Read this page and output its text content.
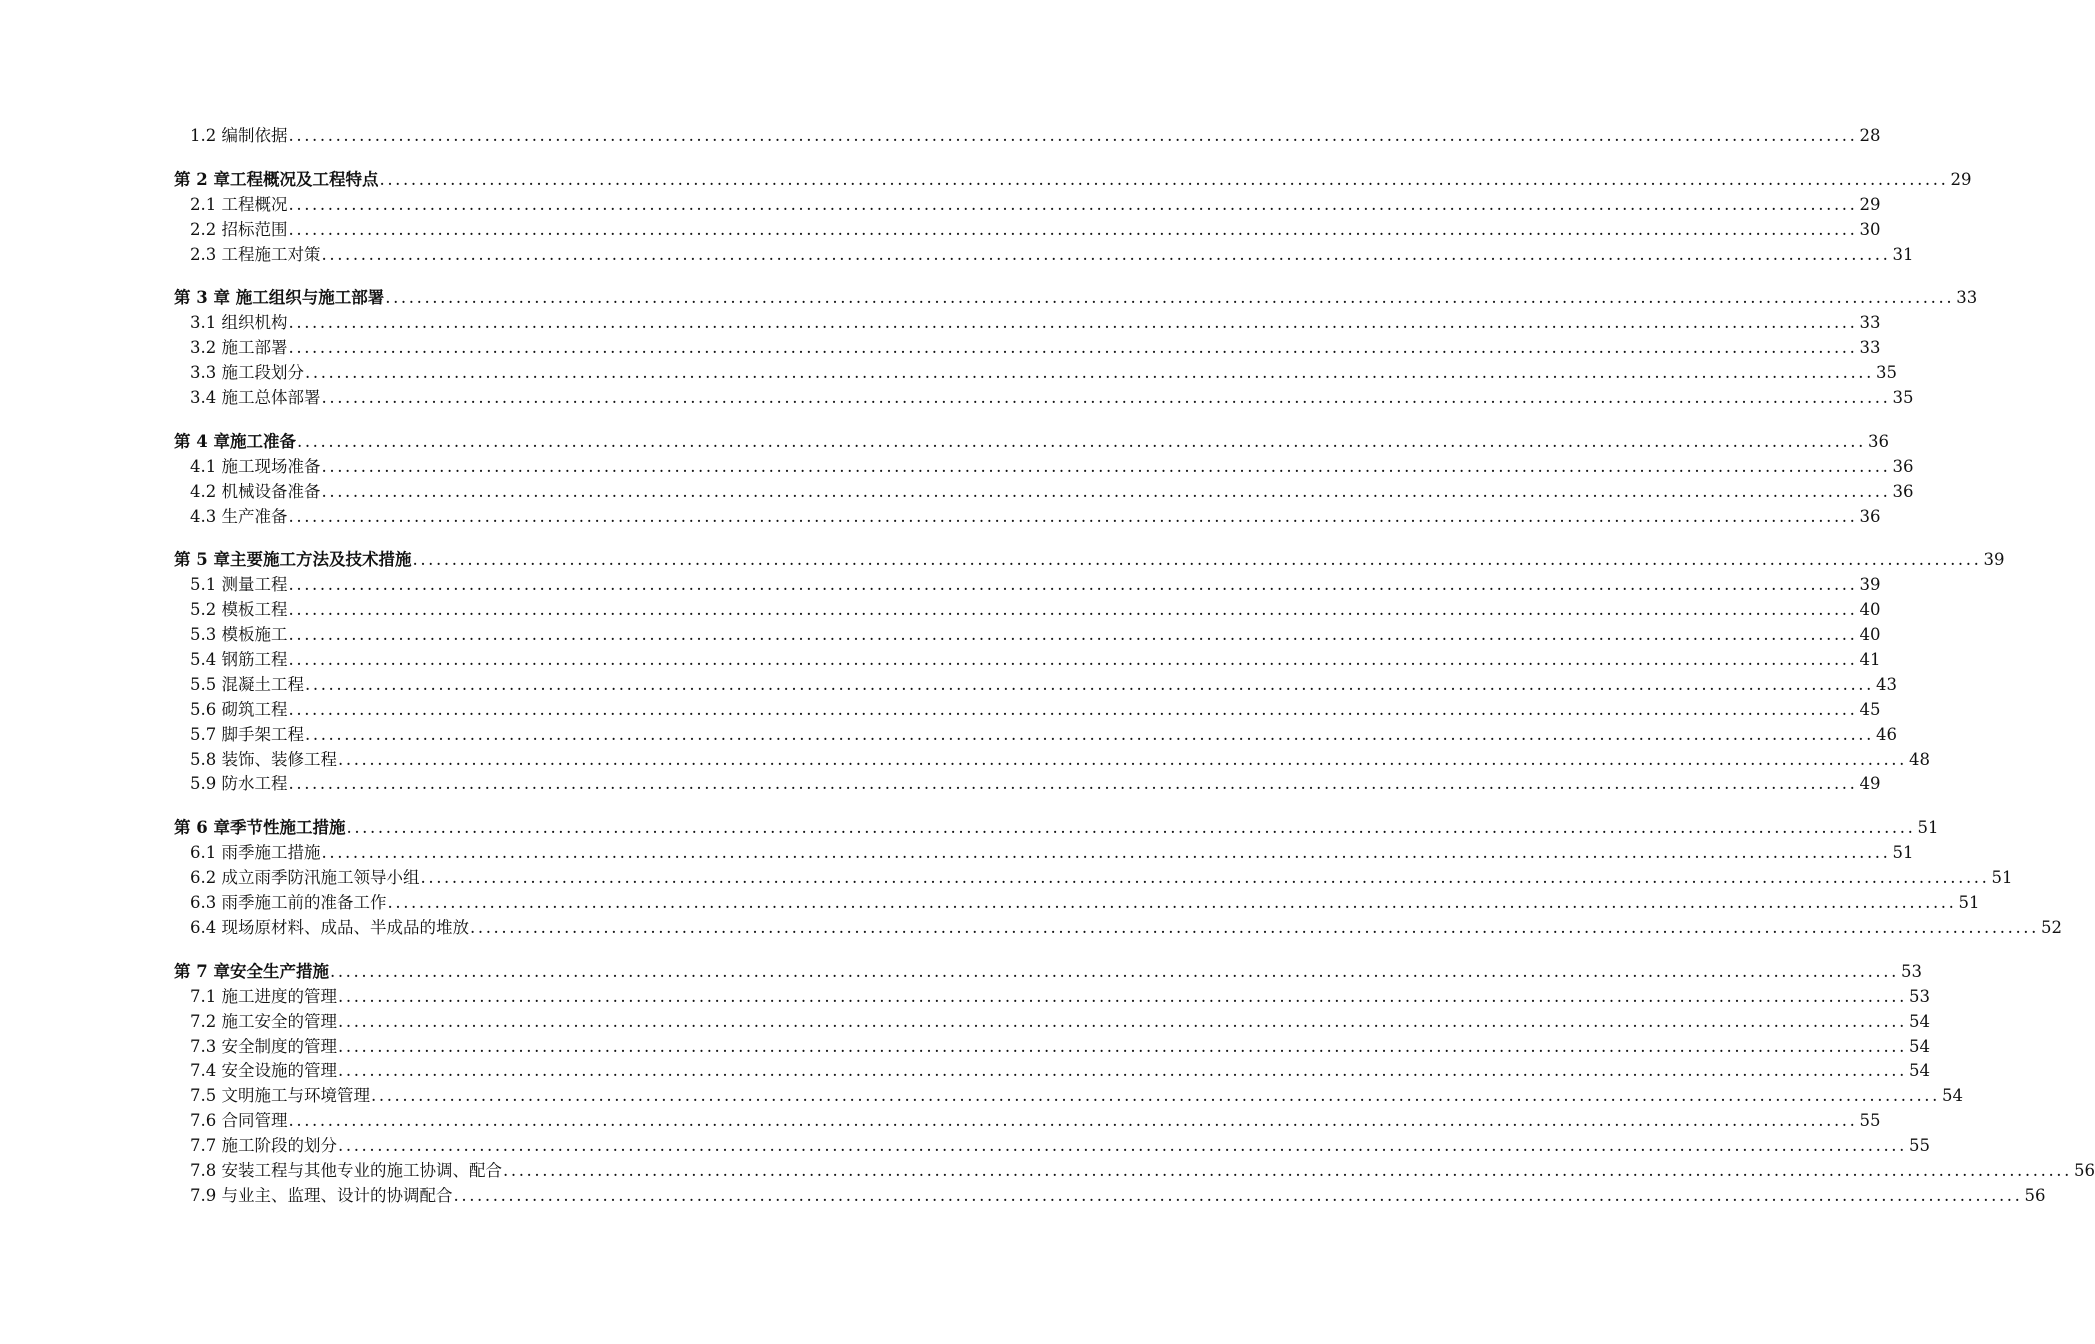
1.2 编制依据 ........................................................................................................................................................................................................ 28
第 2 章工程概况及工程特点 ........................................................................................................................................................................................................ 29
2.1 工程概况 ........................................................................................................................................................................................................ 29
2.2 招标范围 ........................................................................................................................................................................................................ 30
2.3 工程施工对策 ........................................................................................................................................................................................................ 31
第 3 章 施工组织与施工部署 ........................................................................................................................................................................................................ 33
3.1 组织机构 ........................................................................................................................................................................................................ 33
3.2 施工部署 ........................................................................................................................................................................................................ 33
3.3 施工段划分 ........................................................................................................................................................................................................ 35
3.4 施工总体部署 ........................................................................................................................................................................................................ 35
第 4 章施工准备 ........................................................................................................................................................................................................ 36
4.1 施工现场准备 ........................................................................................................................................................................................................ 36
4.2 机械设备准备 ........................................................................................................................................................................................................ 36
4.3 生产准备 ........................................................................................................................................................................................................ 36
第 5 章主要施工方法及技术措施 ........................................................................................................................................................................................................ 39
5.1 测量工程 ........................................................................................................................................................................................................ 39
5.2 模板工程 ........................................................................................................................................................................................................ 40
5.3 模板施工 ........................................................................................................................................................................................................ 40
5.4 钢筋工程 ........................................................................................................................................................................................................ 41
5.5 混凝土工程 ........................................................................................................................................................................................................ 43
5.6 砌筑工程 ........................................................................................................................................................................................................ 45
5.7 脚手架工程 ........................................................................................................................................................................................................ 46
5.8 装饰、装修工程 ........................................................................................................................................................................................................ 48
5.9 防水工程 ........................................................................................................................................................................................................ 49
第 6 章季节性施工措施 ........................................................................................................................................................................................................ 51
6.1 雨季施工措施 ........................................................................................................................................................................................................ 51
6.2 成立雨季防汛施工领导小组 ........................................................................................................................................................................................................ 51
6.3 雨季施工前的准备工作 ........................................................................................................................................................................................................ 51
6.4 现场原材料、成品、半成品的堆放 ........................................................................................................................................................................................................ 52
第 7 章安全生产措施 ........................................................................................................................................................................................................ 53
7.1 施工进度的管理 ........................................................................................................................................................................................................ 53
7.2 施工安全的管理 ........................................................................................................................................................................................................ 54
7.3 安全制度的管理 ........................................................................................................................................................................................................ 54
7.4 安全设施的管理 ........................................................................................................................................................................................................ 54
7.5 文明施工与环境管理 ........................................................................................................................................................................................................ 54
7.6 合同管理 ........................................................................................................................................................................................................ 55
7.7 施工阶段的划分 ........................................................................................................................................................................................................ 55
7.8 安装工程与其他专业的施工协调、配合 ........................................................................................................................................................................................................ 56
7.9 与业主、监理、设计的协调配合 ........................................................................................................................................................................................................ 56
